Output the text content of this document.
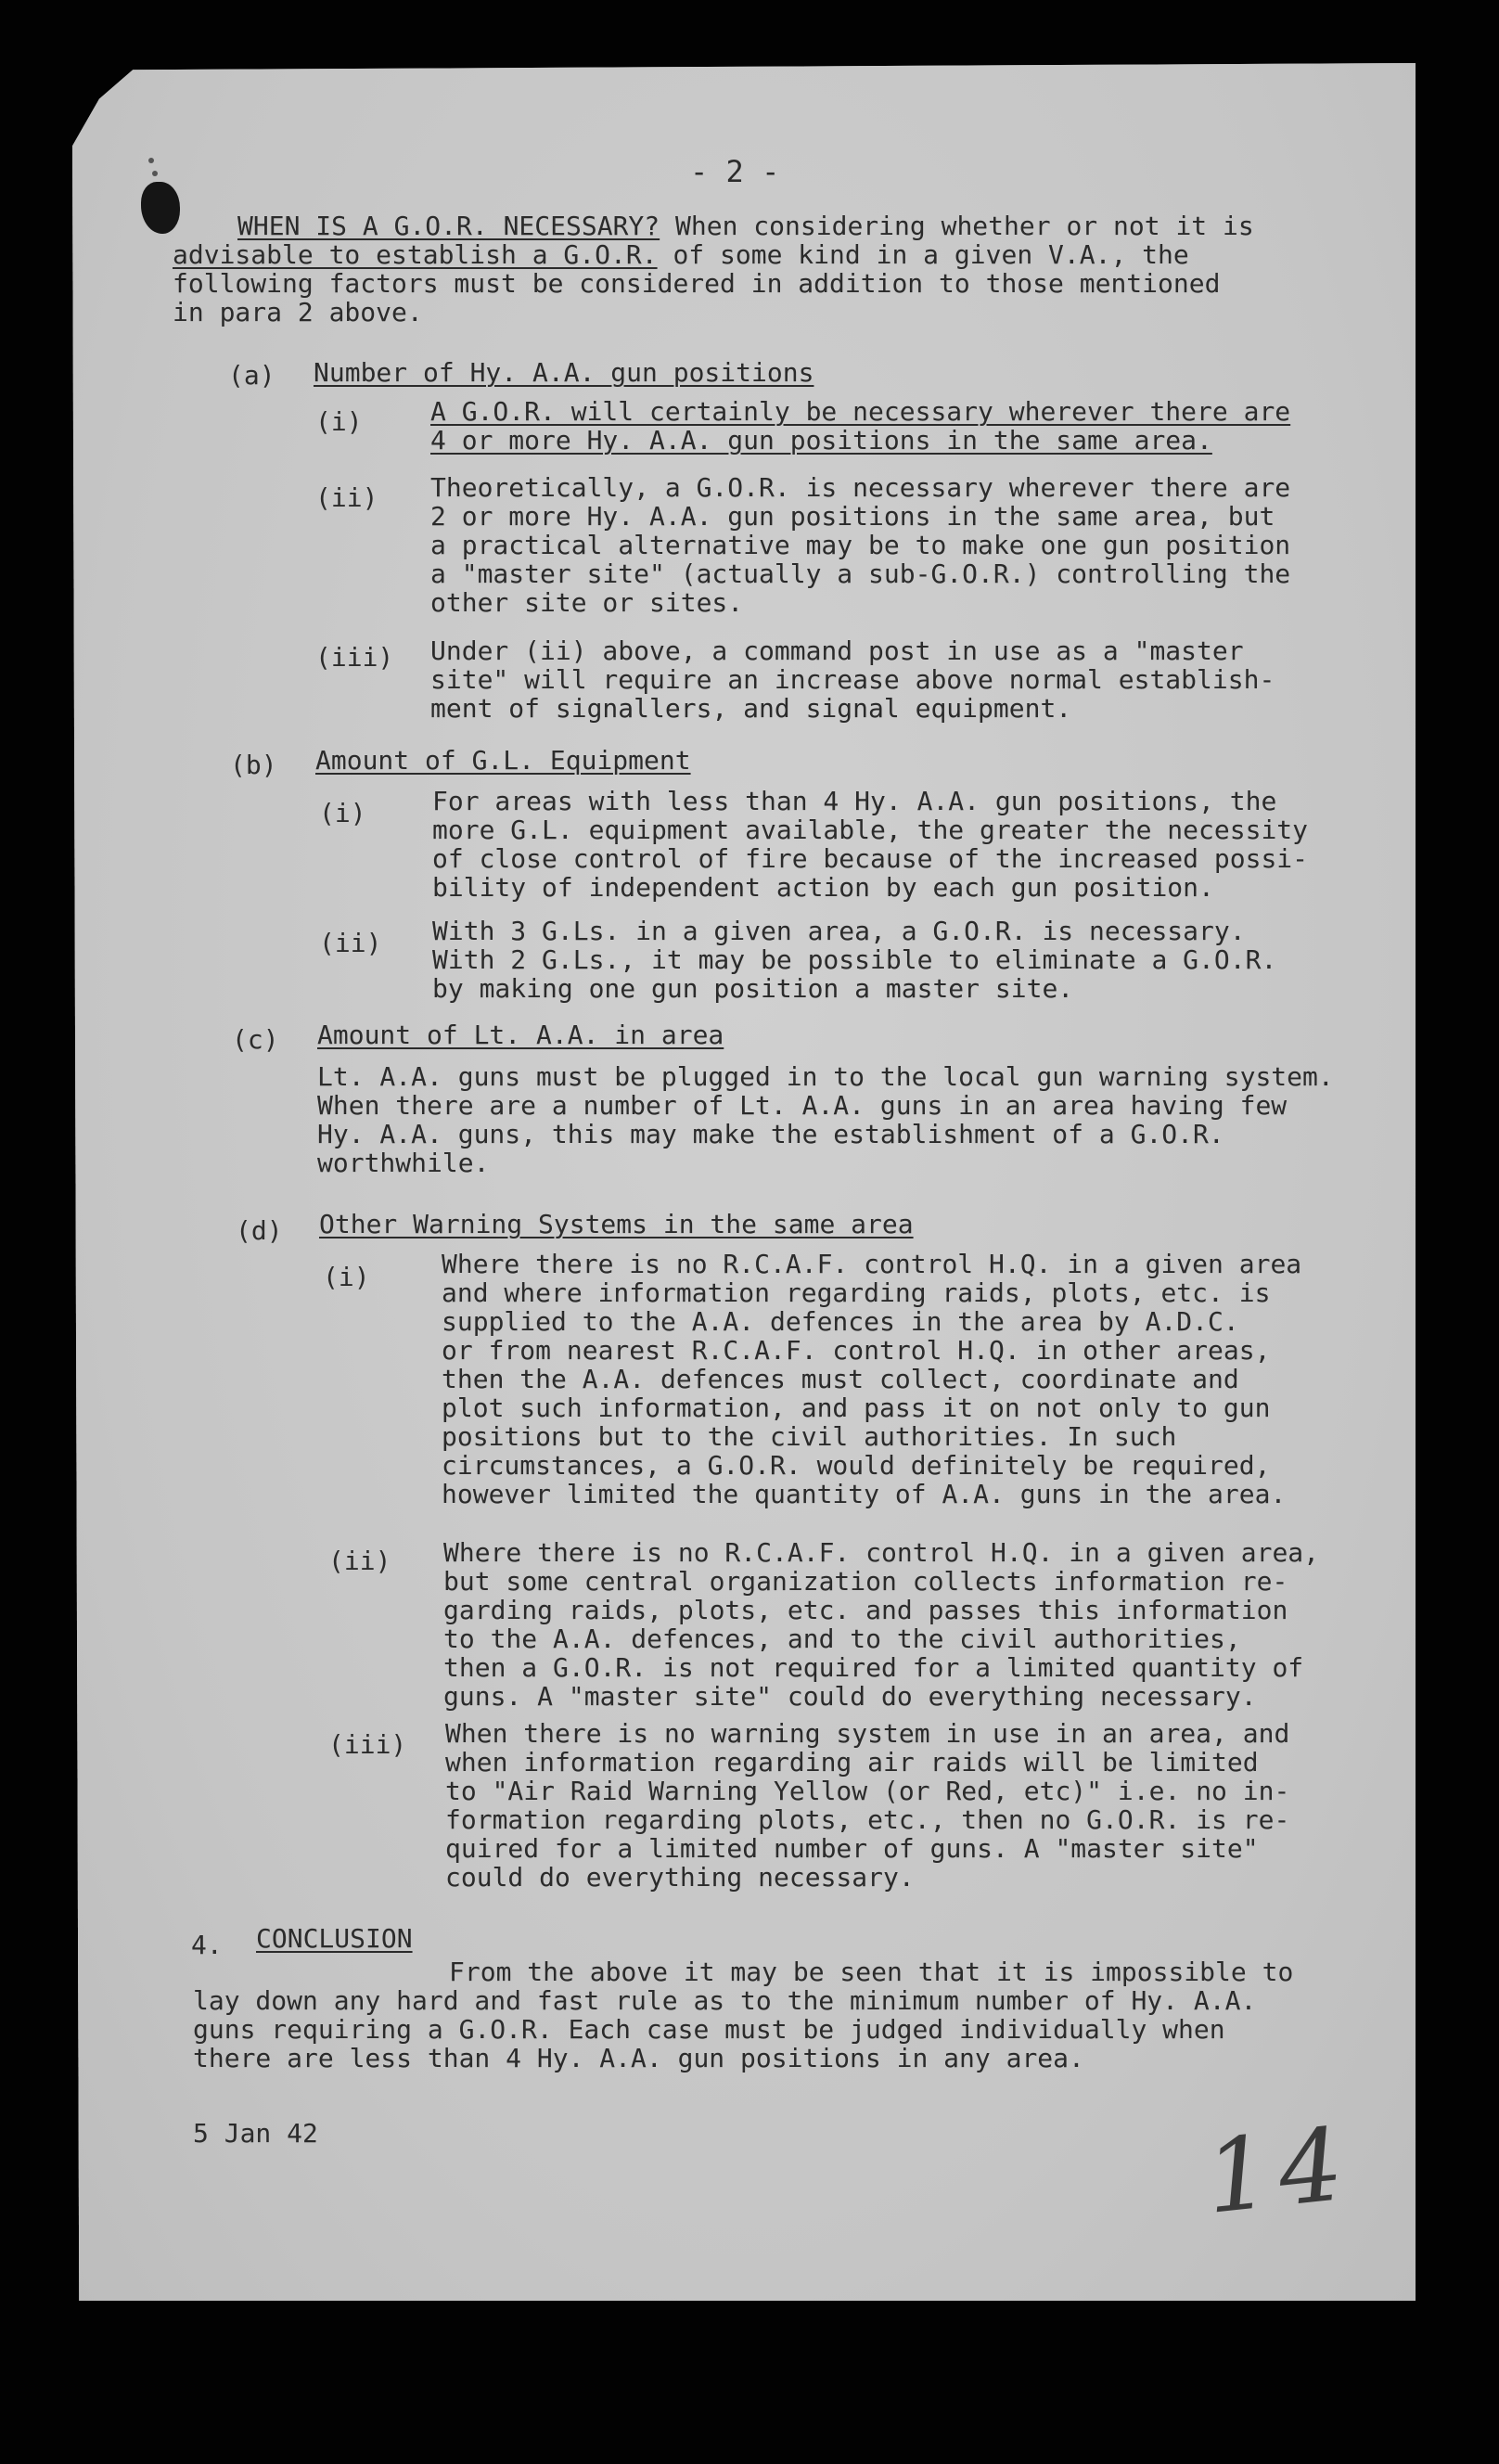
- 2 -
WHEN IS A G.O.R. NECESSARY? When considering whether or not it is
advisable to establish a G.O.R. of some kind in a given V.A., the
following factors must be considered in addition to those mentioned
in para 2 above.
(a) Number of Hy. A.A. gun positions
(i)	A G.O.R. will certainly be necessary wherever there are
4 or more Hy. A.A. gun positions in the same area.
(ii) Theoretically, a G.O.R. is necessary wherever there are
2 or more Hy. A.A. gun positions in the same area, but
a practical alternative may be to make one gun position
a "master site" (actually a sub-G.O.R.) controlling the
other site or sites.
(iii) Under (ii) above, a command post in use as a "master
site" will require an increase above normal establish-
ment of signallers, and signal equipment.
(b) Amount of G.L. Equipment
(i)	For areas with less than 4 Hy. A.A. gun positions, the
more G.L. equipment available, the greater the necessity
of close control of fire because of the increased possi-
bility of independent action by each gun position.
(ii) With 3 G.Ls. in a given area, a G.O.R. is necessary.
With 2 G.Ls., it may be possible to eliminate a G.O.R.
by making one gun position a master site.
(c) Amount of Lt. A.A. in area
Lt. A.A. guns must be plugged in to the local gun warning system.
When there are a number of Lt. A.A. guns in an area having few
Hy. A.A. guns, this may make the establishment of a G.O.R.
worthwhile.
(d) Other Warning Systems in the same area
(i)	Where there is no R.C.A.F. control H.Q. in a given area
and where information regarding raids, plots, etc. is
supplied to the A.A. defences in the area by A.D.C.
or from nearest R.C.A.F. control H.Q. in other areas,
then the A.A. defences must collect, coordinate and
plot such information, and pass it on not only to gun
positions but to the civil authorities. In such
circumstances, a G.O.R. would definitely be required,
however limited the quantity of A.A. guns in the area.
(ii) Where there is no R.C.A.F. control H.Q. in a given area,
but some central organization collects information re-
garding raids, plots, etc. and passes this information
to the A.A. defences, and to the civil authorities,
then a G.O.R. is not required for a limited quantity of
guns. A "master site" could do everything necessary.
(iii) When there is no warning system in use in an area, and
when information regarding air raids will be limited
to "Air Raid Warning Yellow (or Red, etc)" i.e. no in-
formation regarding plots, etc., then no G.O.R. is re-
quired for a limited number of guns. A "master site"
could do everything necessary.
4. CONCLUSION
From the above it may be seen that it is impossible to
lay down any hard and fast rule as to the minimum number of Hy. A.A.
guns requiring a G.O.R. Each case must be judged individually when
there are less than 4 Hy. A.A. gun positions in any area.
5 Jan 42	14
